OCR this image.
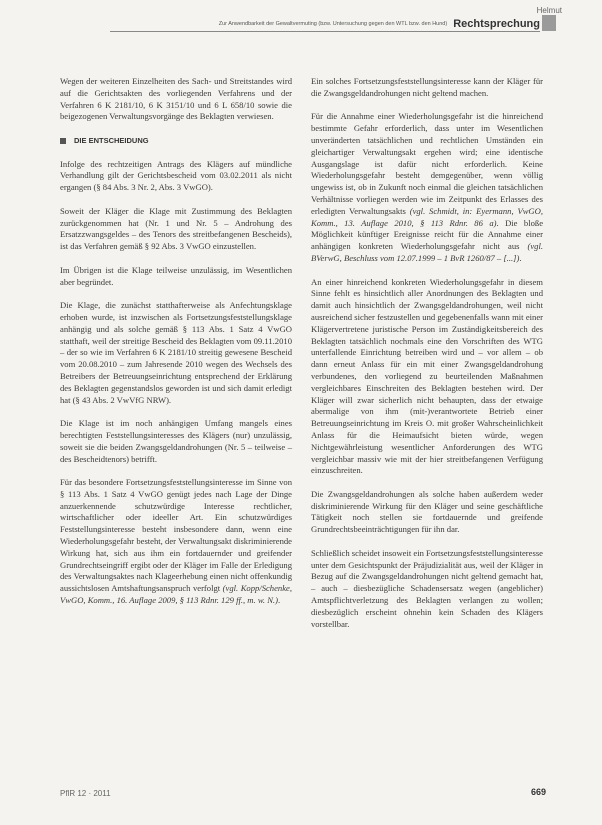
Helmut
Zur Anwendbarkeit der Gewaltvermuting (bzw. Untersuchung gegen den WTL bzw. den Hund) Rechtsprechung

Wegen der weiteren Einzelheiten des Sach- und Streitstandes wird auf die Gerichtsakten des vorliegenden Verfahrens und der Verfahren 6 K 2181/10, 6 K 3151/10 und 6 L 658/10 sowie die beigezogenen Verwaltungsvorgänge des Beklagten verwiesen.

DIE ENTSCHEIDUNG

Infolge des rechtzeitigen Antrags des Klägers auf mündliche Verhandlung gilt der Gerichtsbescheid vom 03.02.2011 als nicht ergangen (§ 84 Abs. 3 Nr. 2, Abs. 3 VwGO).

Soweit der Kläger die Klage mit Zustimmung des Beklagten zurückgenommen hat (Nr. 1 und Nr. 5 – Androhung des Ersatzzwangsgeldes – des Tenors des streitbefangenen Bescheids), ist das Verfahren gemäß § 92 Abs. 3 VwGO einzustellen.

Im Übrigen ist die Klage teilweise unzulässig, im Wesentlichen aber begründet.

Die Klage, die zunächst statthafterweise als Anfechtungsklage erhoben wurde, ist inzwischen als Fortsetzungsfeststellungsklage anhängig und als solche gemäß § 113 Abs. 1 Satz 4 VwGO statthaft, weil der streitige Bescheid des Beklagten vom 09.11.2010 – der so wie im Verfahren 6 K 2181/10 streitig gewesene Bescheid vom 20.08.2010 – zum Jahresende 2010 wegen des Wechsels des Betreibers der Betreuungseinrichtung entsprechend der Erklärung des Beklagten gegenstandslos geworden ist und sich damit erledigt hat (§ 43 Abs. 2 VwVfG NRW).

Die Klage ist im noch anhängigen Umfang mangels eines berechtigten Feststellungsinteresses des Klägers (nur) unzulässig, soweit sie die beiden Zwangsgeldandrohungen (Nr. 5 – teilweise – des Bescheidtenors) betrifft.

Für das besondere Fortsetzungsfeststellungsinteresse im Sinne von § 113 Abs. 1 Satz 4 VwGO genügt jedes nach Lage der Dinge anzuerkennende schutzwürdige Interesse rechtlicher, wirtschaftlicher oder ideeller Art. Ein schutzwürdiges Feststellungsinteresse besteht insbesondere dann, wenn eine Wiederholungsgefahr besteht, der Verwaltungsakt diskriminierende Wirkung hat, sich aus ihm ein fortdauernder und greifender Grundrechtseingriff ergibt oder der Kläger im Falle der Erledigung des Verwaltungsaktes nach Klageerhebung einen nicht offenkundig aussichtslosen Amtshaftungsanspruch verfolgt (vgl. Kopp/Schenke, VwGO, Komm., 16. Auflage 2009, § 113 Rdnr. 129 ff., m. w. N.).

Ein solches Fortsetzungsfeststellungsinteresse kann der Kläger für die Zwangsgeldandrohungen nicht geltend machen.

Für die Annahme einer Wiederholungsgefahr ist die hinreichend bestimmte Gefahr erforderlich, dass unter im Wesentlichen unveränderten tatsächlichen und rechtlichen Umständen ein gleichartiger Verwaltungsakt ergehen wird; eine identische Ausgangslage ist dafür nicht erforderlich. Keine Wiederholungsgefahr besteht demgegenüber, wenn völlig ungewiss ist, ob in Zukunft noch einmal die gleichen tatsächlichen Verhältnisse vorliegen werden wie im Zeitpunkt des Erlasses des erledigten Verwaltungsakts (vgl. Schmidt, in: Eyermann, VwGO, Komm., 13. Auflage 2010, § 113 Rdnr. 86 a). Die bloße Möglichkeit künftiger Ereignisse reicht für die Annahme einer anhängigen konkreten Wiederholungsgefahr nicht aus (vgl. BVerwG, Beschluss vom 12.07.1999 – 1 BvR 1260/87 – [...]).

An einer hinreichend konkreten Wiederholungsgefahr in diesem Sinne fehlt es hinsichtlich aller Anordnungen des Beklagten und damit auch hinsichtlich der Zwangsgeldandrohungen, weil nicht ausreichend sicher festzustellen und gegebenenfalls wann mit einer Klägervertretene juristische Person im Zuständigkeitsbereich des Beklagten tatsächlich nochmals eine den Vorschriften des WTG unterfallende Einrichtung betreiben wird und – vor allem – ob dann erneut Anlass für ein mit einer Zwangsgeldandrohung verbundenes, den vorliegend zu beurteilenden Maßnahmen vergleichbares Einschreiten des Beklagten bestehen wird. Der Kläger will zwar sicherlich nicht behaupten, dass der etwaige abermalige von ihm (mit-)verantwortete Betrieb einer Betreuungseinrichtung im Kreis O. mit großer Wahrscheinlichkeit Anlass für die Heimaufsicht bieten würde, wegen Nichtgewährleistung wesentlicher Anforderungen des WTG vergleichbar massiv wie mit der hier streitbefangenen Verfügung einzuschreiten.

Die Zwangsgeldandrohungen als solche haben außerdem weder diskriminierende Wirkung für den Kläger und seine geschäftliche Tätigkeit noch stellen sie fortdauernde und greifende Grundrechtsbeeinträchtigungen für ihn dar.

Schließlich scheidet insoweit ein Fortsetzungsfeststellungsinteresse unter dem Gesichtspunkt der Präjudizialität aus, weil der Kläger in Bezug auf die Zwangsgeldandrohungen nicht geltend gemacht hat, – auch – diesbezügliche Schadensersatz wegen (angeblicher) Amtspflichtverletzung des Beklagten verlangen zu wollen; diesbezüglich erscheint ohnehin kein Schaden des Klägers vorstellbar.

PflR 12 · 2011	669
